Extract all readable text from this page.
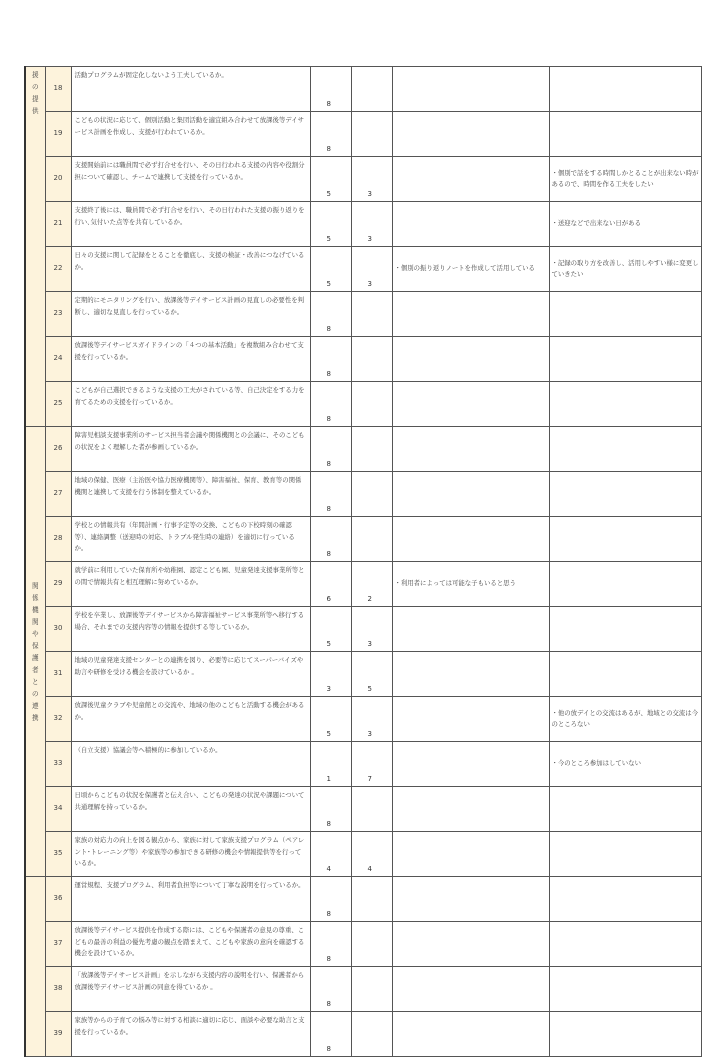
援の提供	18	活動プログラムが固定化しないよう工夫しているか。	8			
	19	こどもの状況に応じて、個別活動と集団活動を適宜組み合わせて放課後等デイサービス計画を作成し、支援が行われているか。	8			
	20	支援開始前には職員間で必ず打合せを行い、その日行われる支援の内容や役割分担について確認し、チームで連携して支援を行っているか。	5	3		・個別で話をする時間しかとることが出来ない時があるので、時間を作る工夫をしたい
	21	支援終了後には、職員間で必ず打合せを行い、その日行われた支援の振り返りを行い､気付いた点等を共有しているか。	5	3		・送迎などで出来ない日がある
	22	日々の支援に関して記録をとることを徹底し、支援の検証・改善につなげているか。	5	3	・個別の振り返りノートを作成して活用している	・記録の取り方を改善し、活用しやすい様に変更していきたい
	23	定期的にモニタリングを行い、放課後等デイサービス計画の見直しの必要性を判断し、適切な見直しを行っているか。	8			
	24	放課後等デイサービスガイドラインの「４つの基本活動」を複数組み合わせて支援を行っているか。	8			
	25	こどもが自己選択できるような支援の工夫がされている等、自己決定をする力を育てるための支援を行っているか。	8			
関係機関や保護者との連携	26	障害児相談支援事業所のサービス担当者会議や関係機関との会議に、そのこどもの状況をよく理解した者が参画しているか。	8			
	27	地域の保健、医療（主治医や協力医療機関等）、障害福祉、保育、教育等の関係機関と連携して支援を行う体制を整えているか。	8			
	28	学校との情報共有（年間計画・行事予定等の交換、こどもの下校時刻の確認等）、連絡調整（送迎時の対応、トラブル発生時の連絡）を適切に行っているか。	8			
	29	就学前に利用していた保育所や幼稚園、認定こども園、児童発達支援事業所等との間で情報共有と相互理解に努めているか。	6	2	・利用者によっては可能な子もいると思う	
	30	学校を卒業し、放課後等デイサービスから障害福祉サービス事業所等へ移行する場合、それまでの支援内容等の情報を提供する等しているか。	5	3		
	31	地域の児童発達支援センターとの連携を図り、必要等に応じてスーパーバイズや助言や研修を受ける機会を設けているか 。	3	5		
	32	放課後児童クラブや児童館との交流や、地域の他のこどもと活動する機会があるか。	5	3		・他の放デイとの交流はあるが、地域との交流は今のところない
	33	（自立支援）協議会等へ積極的に参加しているか。	1	7		・今のところ参加はしていない
	34	日頃からこどもの状況を保護者と伝え合い、こどもの発達の状況や課題について共通理解を持っているか。	8			
	35	家族の対応力の向上を図る観点から、家族に対して家族支援プログラム（ペアレント･トレーニング等）や家族等の参加できる研修の機会や情報提供等を行っているか。	4	4		
	36	運営規程、支援プログラム、利用者負担等について丁寧な説明を行っているか。	8			
	37	放課後等デイサービス提供を作成する際には、こどもや保護者の意見の尊重、こどもの最善の利益の優先考慮の観点を踏まえて、こどもや家族の意向を確認する機会を設けているか。	8			
	38	「放課後等デイサービス計画」を示しながら支援内容の説明を行い、保護者から放課後等デイサービス計画の同意を得ているか 。	8			
	39	家族等からの子育ての悩み等に対する相談に適切に応じ、面談や必要な助言と支援を行っているか。	8			
